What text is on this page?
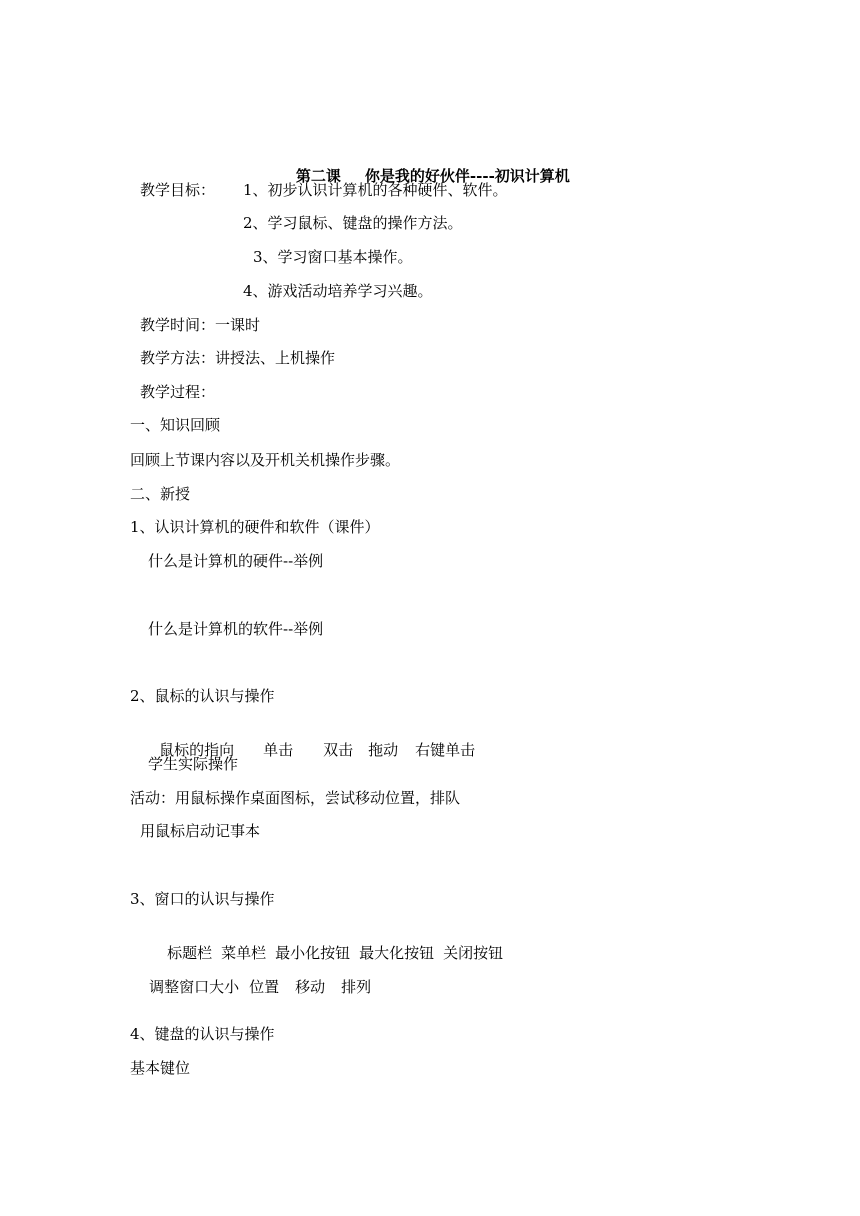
第二课 你是我的好伙伴----初识计算机

教学目标： 1、初步认识计算机的各种硬件、软件。

2、学习鼠标、键盘的操作方法。

3、学习窗口基本操作。

4、游戏活动培养学习兴趣。

教学时间：一课时

教学方法：讲授法、上机操作

教学过程：

一、知识回顾

回顾上节课内容以及开机关机操作步骤。

二、新授

1、认识计算机的硬件和软件（课件）

什么是计算机的硬件--举例

什么是计算机的软件--举例

2、鼠标的认识与操作

鼠标的指向 单击 双击 拖动 右键单击

学生实际操作

活动：用鼠标操作桌面图标，尝试移动位置，排队

用鼠标启动记事本

3、窗口的认识与操作

标题栏 菜单栏 最小化按钮 最大化按钮 关闭按钮

调整窗口大小 位置 移动 排列

4、键盘的认识与操作

基本键位
